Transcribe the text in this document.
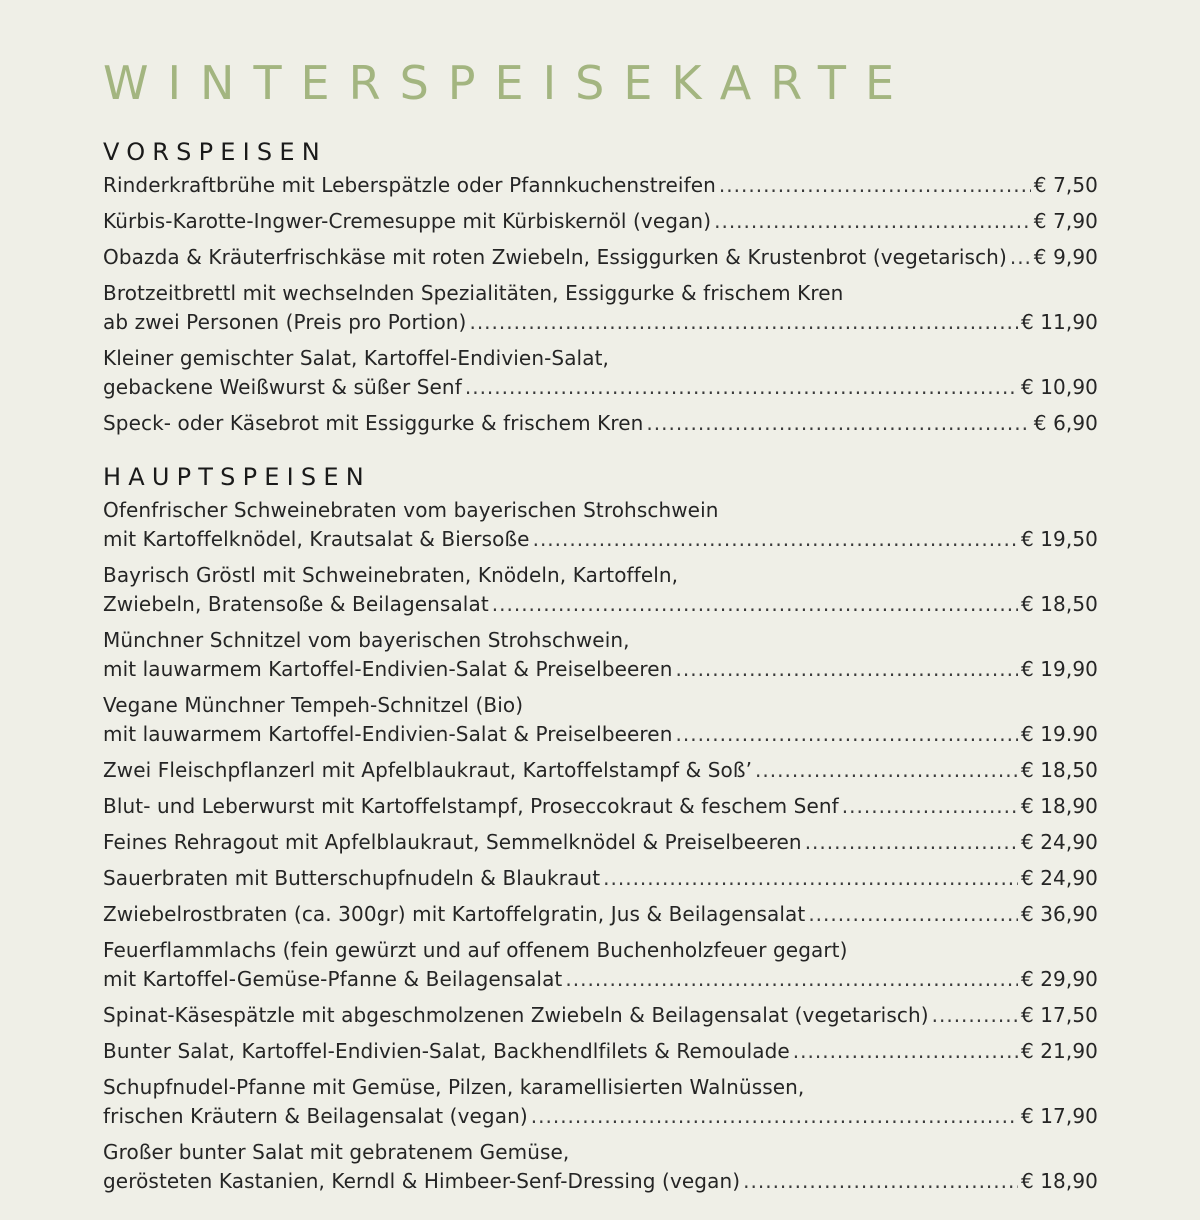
WINTERSPEISEKARTE
VORSPEISEN
Rinderkraftbrühe mit Leberspätzle oder Pfannkuchenstreifen .....	€ 7,50
Kürbis-Karotte-Ingwer-Cremesuppe mit Kürbiskernöl (vegan) .....	€ 7,90
Obazda & Kräuterfrischkäse mit roten Zwiebeln, Essiggurken & Krustenbrot (vegetarisch) ..... € 9,90
Brotzeitbrettl mit wechselnden Spezialitäten, Essiggurke & frischem Kren
ab zwei Personen (Preis pro Portion) .....	€ 11,90
Kleiner gemischter Salat, Kartoffel-Endivien-Salat,
gebackene Weißwurst & süßer Senf .....	€ 10,90
Speck- oder Käsebrot mit Essiggurke & frischem Kren .....	€ 6,90
HAUPTSPEISEN
Ofenfrischer Schweinebraten vom bayerischen Strohschwein
mit Kartoffelknödel, Krautsalat & Biersoße .....	€ 19,50
Bayrisch Gröstl mit Schweinebraten, Knödeln, Kartoffeln,
Zwiebeln, Bratensoße & Beilagensalat .....	€ 18,50
Münchner Schnitzel vom bayerischen Strohschwein,
mit lauwarmem Kartoffel-Endivien-Salat & Preiselbeeren .....	€ 19,90
Vegane Münchner Tempeh-Schnitzel (Bio)
mit lauwarmem Kartoffel-Endivien-Salat & Preiselbeeren .....	€ 19.90
Zwei Fleischpflanzerl mit Apfelblaukraut, Kartoffelstampf & Soß’ .....	€ 18,50
Blut- und Leberwurst mit Kartoffelstampf, Proseccokraut & feschem Senf .....	€ 18,90
Feines Rehragout mit Apfelblaukraut, Semmelknödel & Preiselbeeren .....	€ 24,90
Sauerbraten mit Butterschupfnudeln & Blaukraut .....	€ 24,90
Zwiebelrostbraten (ca. 300gr) mit Kartoffelgratin, Jus & Beilagensalat .....	€ 36,90
Feuerflammlachs (fein gewürzt und auf offenem Buchenholzfeuer gegart)
mit Kartoffel-Gemüse-Pfanne & Beilagensalat .....	€ 29,90
Spinat-Käsespätzle mit abgeschmolzenen Zwiebeln & Beilagensalat (vegetarisch) .....	€ 17,50
Bunter Salat, Kartoffel-Endivien-Salat, Backhendlfilets & Remoulade .....	€ 21,90
Schupfnudel-Pfanne mit Gemüse, Pilzen, karamellisierten Walnüssen,
frischen Kräutern & Beilagensalat (vegan) .....	€ 17,90
Großer bunter Salat mit gebratenem Gemüse,
gerösteten Kastanien, Kerndl & Himbeer-Senf-Dressing (vegan) .....	€ 18,90
